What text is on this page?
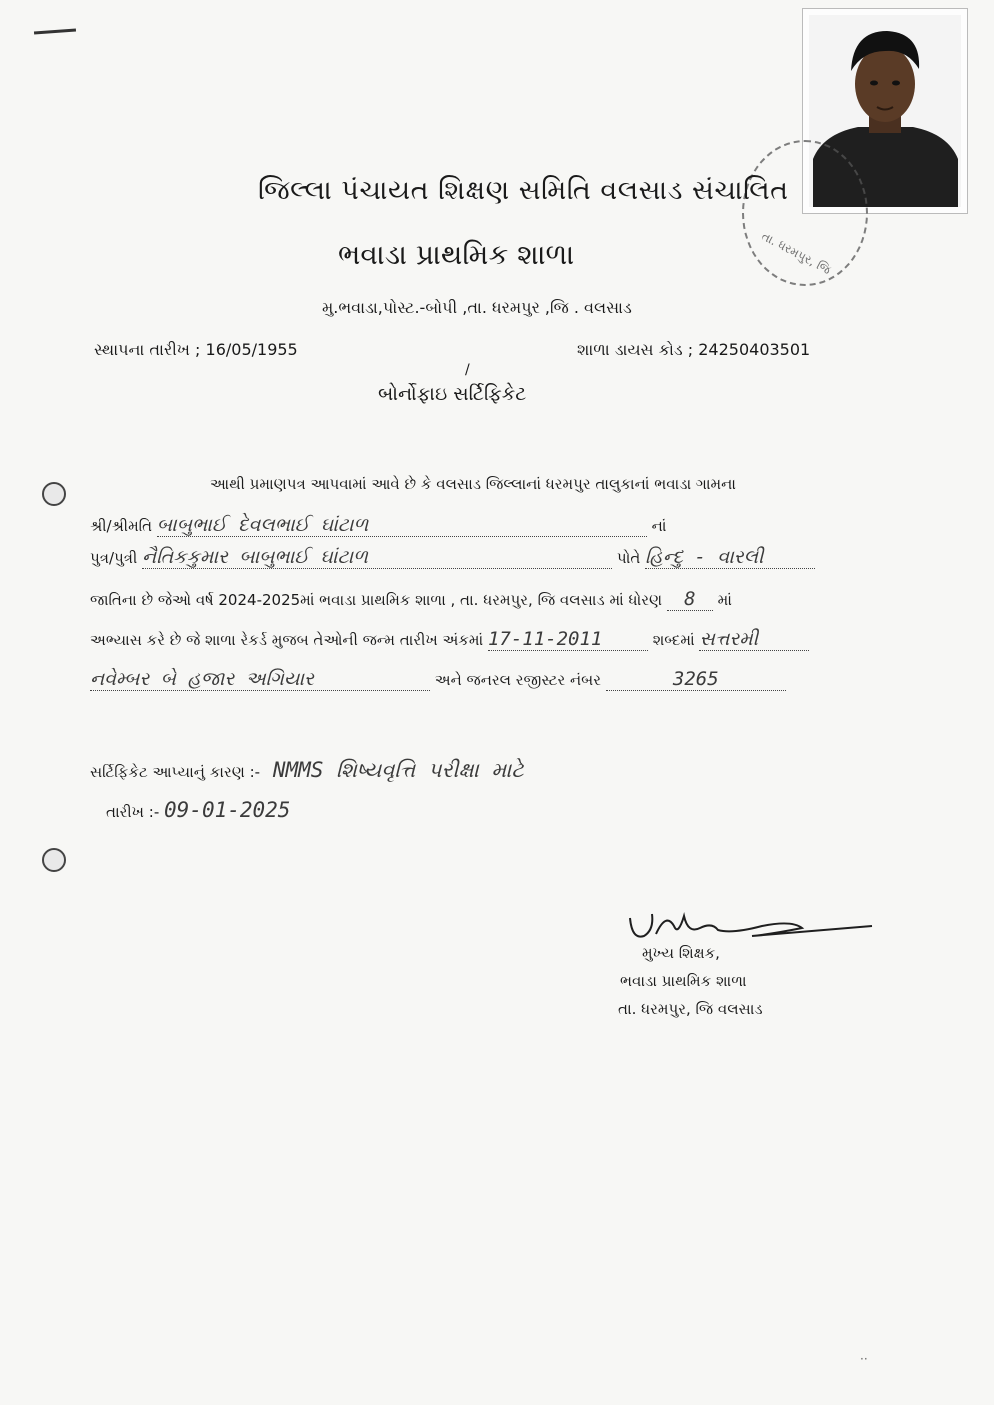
તા. ધરમપુર, જિ
જિલ્લા પંચાયત શિક્ષણ સમિતિ વલસાડ સંચાલિત
ભવાડા પ્રાથમિક શાળા
મુ.ભવાડા,પોસ્ટ.-બોપી ,તા. ધરમપુર ,જિ . વલસાડ
સ્થાપના તારીખ ; 16/05/1955	શાળા ડાયસ કોડ ; 24250403501
/
બોર્નોફાઇ સર્ટિફિકેટ
આથી પ્રમાણપત્ર આપવામાં આવે છે કે વલસાડ જિલ્લાનાં ધરમપુર તાલુકાનાં ભવાડા ગામના
શ્રી/શ્રીમતિ બાબુભાઈ દેવલભાઈ ઘાંટાળ	નાં
પુત્ર/પુત્રી નૈતિકકુમાર બાબુભાઈ ઘાંટાળ	પોતે હિન્દુ - વારલી
જાતિના છે જેઓ વર્ષ 2024-2025માં ભવાડા પ્રાથમિક શાળા , તા. ધરમપુર, જિ વલસાડ માં ધોરણ 8 માં
અભ્યાસ કરે છે જે શાળા રેકર્ડ મુજબ તેઓની જન્મ તારીખ અંકમાં 17-11-2011	શબ્દમાં સત્તરમી
નવેમ્બર બે હજાર અગિયાર	અને જનરલ રજીસ્ટર નંબર	3265
સર્ટિફિકેટ આપ્યાનું કારણ :- NMMS શિષ્યવૃત્તિ પરીક્ષા માટે
તારીખ :- 09-01-2025
મુખ્ય શિક્ષક,
ભવાડા પ્રાથમિક શાળા
તા. ધરમપુર, જિ વલસાડ
··
